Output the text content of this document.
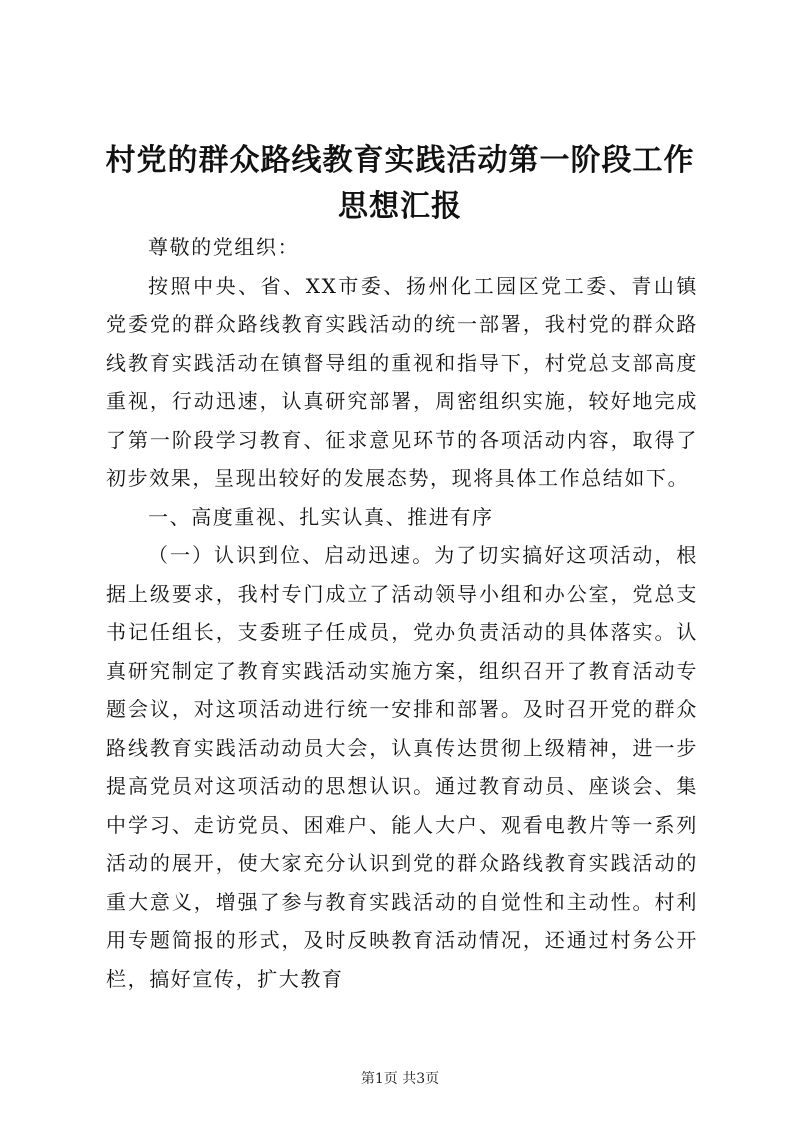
村党的群众路线教育实践活动第一阶段工作思想汇报

尊敬的党组织：

按照中央、省、XX市委、扬州化工园区党工委、青山镇党委党的群众路线教育实践活动的统一部署，我村党的群众路线教育实践活动在镇督导组的重视和指导下，村党总支部高度重视，行动迅速，认真研究部署，周密组织实施，较好地完成了第一阶段学习教育、征求意见环节的各项活动内容，取得了初步效果，呈现出较好的发展态势，现将具体工作总结如下。

一、高度重视、扎实认真、推进有序

（一）认识到位、启动迅速。为了切实搞好这项活动，根据上级要求，我村专门成立了活动领导小组和办公室，党总支书记任组长，支委班子任成员，党办负责活动的具体落实。认真研究制定了教育实践活动实施方案，组织召开了教育活动专题会议，对这项活动进行统一安排和部署。及时召开党的群众路线教育实践活动动员大会，认真传达贯彻上级精神，进一步提高党员对这项活动的思想认识。通过教育动员、座谈会、集中学习、走访党员、困难户、能人大户、观看电教片等一系列活动的展开，使大家充分认识到党的群众路线教育实践活动的重大意义，增强了参与教育实践活动的自觉性和主动性。村利用专题简报的形式，及时反映教育活动情况，还通过村务公开栏，搞好宣传，扩大教育

第1页 共3页
